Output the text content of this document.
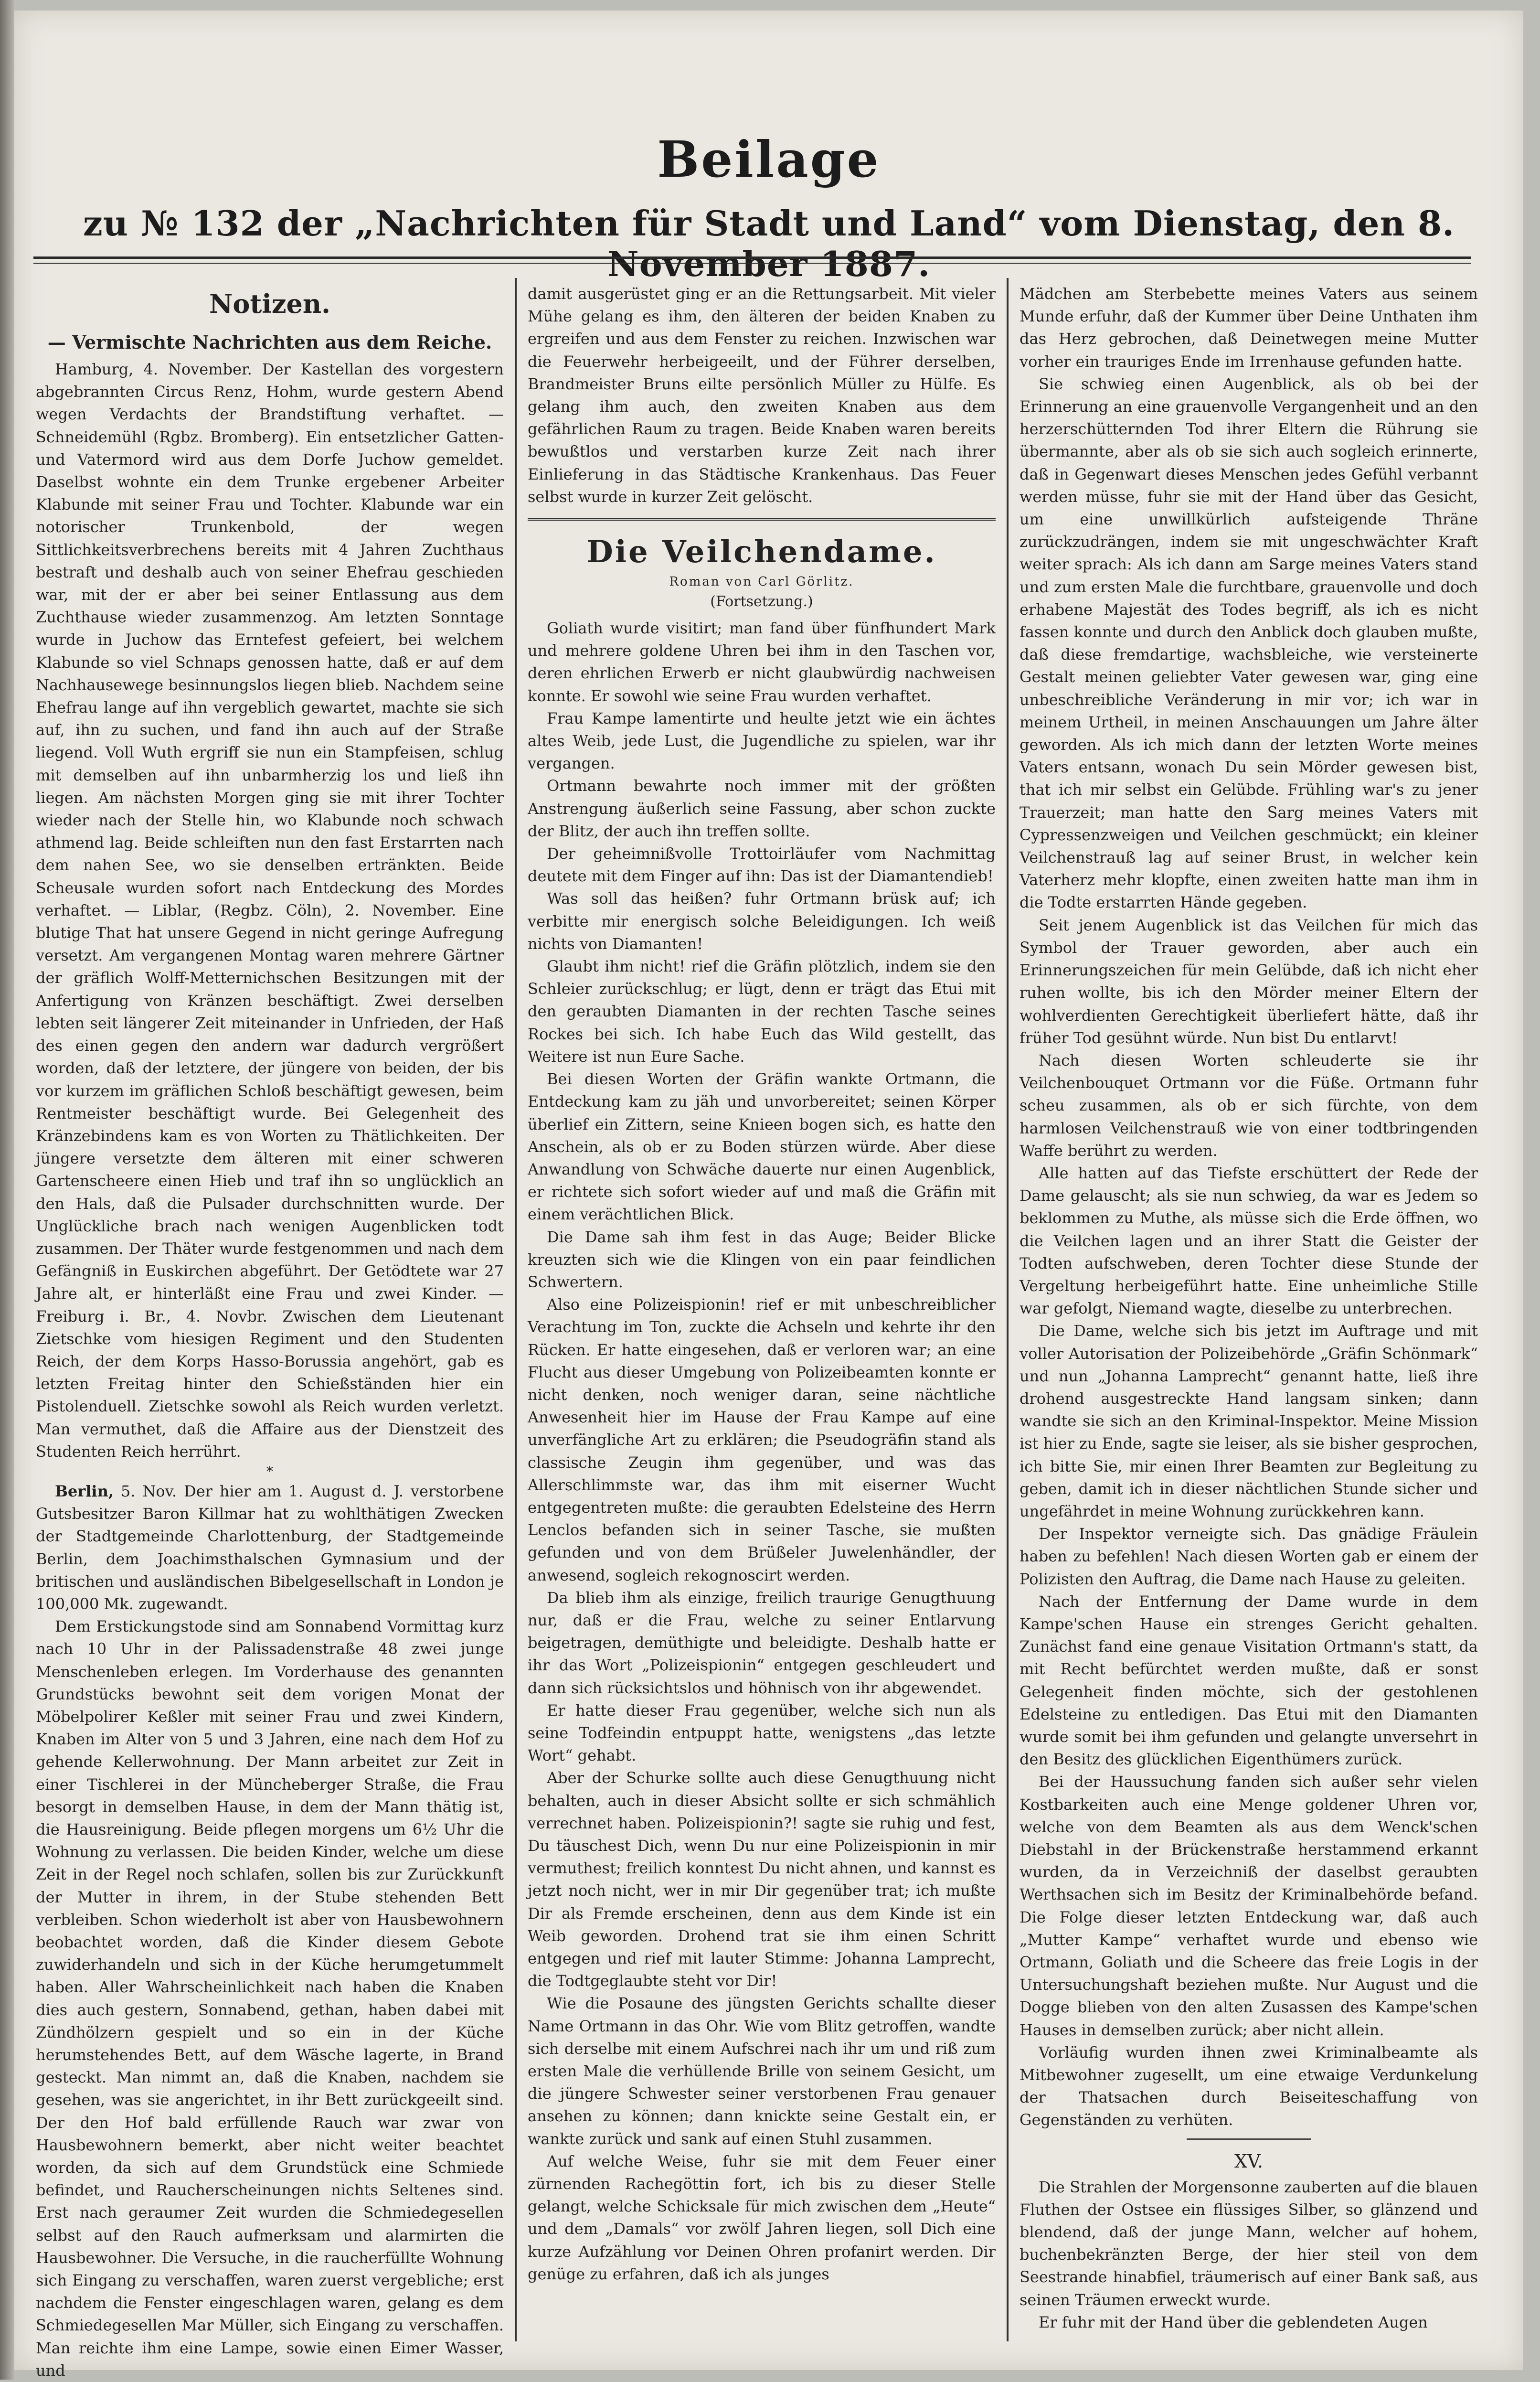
Beilage
zu № 132 der „Nachrichten für Stadt und Land“ vom Dienstag, den 8. November 1887.
Notizen.
— Vermischte Nachrichten aus dem Reiche.

Hamburg, 4. November. Der Kastellan des vorgestern abgebrannten Circus Renz, Hohm, wurde gestern Abend wegen Verdachts der Brandstiftung verhaftet. — Schneidemühl (Rgbz. Bromberg). Ein entsetzlicher Gatten- und Vatermord wird aus dem Dorfe Juchow gemeldet. Daselbst wohnte ein dem Trunke ergebener Arbeiter Klabunde mit seiner Frau und Tochter. Klabunde war ein notorischer Trunkenbold, der wegen Sittlichkeitsverbrechens bereits mit 4 Jahren Zuchthaus bestraft und deshalb auch von seiner Ehefrau geschieden war, mit der er aber bei seiner Entlassung aus dem Zuchthause wieder zusammenzog. Am letzten Sonntage wurde in Juchow das Erntefest gefeiert, bei welchem Klabunde so viel Schnaps genossen hatte, daß er auf dem Nachhausewege besinnungslos liegen blieb. Nachdem seine Ehefrau lange auf ihn vergeblich gewartet, machte sie sich auf, ihn zu suchen, und fand ihn auch auf der Straße liegend. Voll Wuth ergriff sie nun ein Stampfeisen, schlug mit demselben auf ihn unbarmherzig los und ließ ihn liegen. Am nächsten Morgen ging sie mit ihrer Tochter wieder nach der Stelle hin, wo Klabunde noch schwach athmend lag. Beide schleiften nun den fast Erstarrten nach dem nahen See, wo sie denselben ertränkten. Beide Scheusale wurden sofort nach Entdeckung des Mordes verhaftet. — Liblar, (Regbz. Cöln), 2. November. Eine blutige That hat unsere Gegend in nicht geringe Aufregung versetzt. Am vergangenen Montag waren mehrere Gärtner der gräflich Wolff-Metternichschen Besitzungen mit der Anfertigung von Kränzen beschäftigt. Zwei derselben lebten seit längerer Zeit miteinander in Unfrieden, der Haß des einen gegen den andern war dadurch vergrößert worden, daß der letztere, der jüngere von beiden, der bis vor kurzem im gräflichen Schloß beschäftigt gewesen, beim Rentmeister beschäftigt wurde. Bei Gelegenheit des Kränzebindens kam es von Worten zu Thätlichkeiten. Der jüngere versetzte dem älteren mit einer schweren Gartenscheere einen Hieb und traf ihn so unglücklich an den Hals, daß die Pulsader durchschnitten wurde. Der Unglückliche brach nach wenigen Augenblicken todt zusammen. Der Thäter wurde festgenommen und nach dem Gefängniß in Euskirchen abgeführt. Der Getödtete war 27 Jahre alt, er hinterläßt eine Frau und zwei Kinder. — Freiburg i. Br., 4. Novbr. Zwischen dem Lieutenant Zietschke vom hiesigen Regiment und den Studenten Reich, der dem Korps Hasso-Borussia angehört, gab es letzten Freitag hinter den Schießständen hier ein Pistolenduell. Zietschke sowohl als Reich wurden verletzt. Man vermuthet, daß die Affaire aus der Dienstzeit des Studenten Reich herrührt.

*

Berlin, 5. Nov. Der hier am 1. August d. J. verstorbene Gutsbesitzer Baron Killmar hat zu wohlthätigen Zwecken der Stadtgemeinde Charlottenburg, der Stadtgemeinde Berlin, dem Joachimsthalschen Gymnasium und der britischen und ausländischen Bibelgesellschaft in London je 100,000 Mk. zugewandt.

Dem Erstickungstode sind am Sonnabend Vormittag kurz nach 10 Uhr in der Palissadenstraße 48 zwei junge Menschenleben erlegen. Im Vorderhause des genannten Grundstücks bewohnt seit dem vorigen Monat der Möbelpolirer Keßler mit seiner Frau und zwei Kindern, Knaben im Alter von 5 und 3 Jahren, eine nach dem Hof zu gehende Kellerwohnung. Der Mann arbeitet zur Zeit in einer Tischlerei in der Müncheberger Straße, die Frau besorgt in demselben Hause, in dem der Mann thätig ist, die Hausreinigung. Beide pflegen morgens um 6½ Uhr die Wohnung zu verlassen. Die beiden Kinder, welche um diese Zeit in der Regel noch schlafen, sollen bis zur Zurückkunft der Mutter in ihrem, in der Stube stehenden Bett verbleiben. Schon wiederholt ist aber von Hausbewohnern beobachtet worden, daß die Kinder diesem Gebote zuwiderhandeln und sich in der Küche herumgetummelt haben. Aller Wahrscheinlichkeit nach haben die Knaben dies auch gestern, Sonnabend, gethan, haben dabei mit Zündhölzern gespielt und so ein in der Küche herumstehendes Bett, auf dem Wäsche lagerte, in Brand gesteckt. Man nimmt an, daß die Knaben, nachdem sie gesehen, was sie angerichtet, in ihr Bett zurückgeeilt sind. Der den Hof bald erfüllende Rauch war zwar von Hausbewohnern bemerkt, aber nicht weiter beachtet worden, da sich auf dem Grundstück eine Schmiede befindet, und Raucherscheinungen nichts Seltenes sind. Erst nach geraumer Zeit wurden die Schmiedegesellen selbst auf den Rauch aufmerksam und alarmirten die Hausbewohner. Die Versuche, in die raucherfüllte Wohnung sich Eingang zu verschaffen, waren zuerst vergebliche; erst nachdem die Fenster eingeschlagen waren, gelang es dem Schmiedegesellen Mar Müller, sich Eingang zu verschaffen. Man reichte ihm eine Lampe, sowie einen Eimer Wasser, und

damit ausgerüstet ging er an die Rettungsarbeit. Mit vieler Mühe gelang es ihm, den älteren der beiden Knaben zu ergreifen und aus dem Fenster zu reichen. Inzwischen war die Feuerwehr herbeigeeilt, und der Führer derselben, Brandmeister Bruns eilte persönlich Müller zu Hülfe. Es gelang ihm auch, den zweiten Knaben aus dem gefährlichen Raum zu tragen. Beide Knaben waren bereits bewußtlos und verstarben kurze Zeit nach ihrer Einlieferung in das Städtische Krankenhaus. Das Feuer selbst wurde in kurzer Zeit gelöscht.

Die Veilchendame.
Roman von Carl Görlitz.
(Fortsetzung.)

Goliath wurde visitirt; man fand über fünfhundert Mark und mehrere goldene Uhren bei ihm in den Taschen vor, deren ehrlichen Erwerb er nicht glaubwürdig nachweisen konnte. Er sowohl wie seine Frau wurden verhaftet.

Frau Kampe lamentirte und heulte jetzt wie ein ächtes altes Weib, jede Lust, die Jugendliche zu spielen, war ihr vergangen.

Ortmann bewahrte noch immer mit der größten Anstrengung äußerlich seine Fassung, aber schon zuckte der Blitz, der auch ihn treffen sollte.

Der geheimnißvolle Trottoirläufer vom Nachmittag deutete mit dem Finger auf ihn: Das ist der Diamantendieb!

Was soll das heißen? fuhr Ortmann brüsk auf; ich verbitte mir energisch solche Beleidigungen. Ich weiß nichts von Diamanten!

Glaubt ihm nicht! rief die Gräfin plötzlich, indem sie den Schleier zurückschlug; er lügt, denn er trägt das Etui mit den geraubten Diamanten in der rechten Tasche seines Rockes bei sich. Ich habe Euch das Wild gestellt, das Weitere ist nun Eure Sache.

Bei diesen Worten der Gräfin wankte Ortmann, die Entdeckung kam zu jäh und unvorbereitet; seinen Körper überlief ein Zittern, seine Knieen bogen sich, es hatte den Anschein, als ob er zu Boden stürzen würde. Aber diese Anwandlung von Schwäche dauerte nur einen Augenblick, er richtete sich sofort wieder auf und maß die Gräfin mit einem verächtlichen Blick.

Die Dame sah ihm fest in das Auge; Beider Blicke kreuzten sich wie die Klingen von ein paar feindlichen Schwertern.

Also eine Polizeispionin! rief er mit unbeschreiblicher Verachtung im Ton, zuckte die Achseln und kehrte ihr den Rücken. Er hatte eingesehen, daß er verloren war; an eine Flucht aus dieser Umgebung von Polizeibeamten konnte er nicht denken, noch weniger daran, seine nächtliche Anwesenheit hier im Hause der Frau Kampe auf eine unverfängliche Art zu erklären; die Pseudogräfin stand als classische Zeugin ihm gegenüber, und was das Allerschlimmste war, das ihm mit eiserner Wucht entgegentreten mußte: die geraubten Edelsteine des Herrn Lenclos befanden sich in seiner Tasche, sie mußten gefunden und von dem Brüßeler Juwelenhändler, der anwesend, sogleich rekognoscirt werden.

Da blieb ihm als einzige, freilich traurige Genugthuung nur, daß er die Frau, welche zu seiner Entlarvung beigetragen, demüthigte und beleidigte. Deshalb hatte er ihr das Wort „Polizeispionin“ entgegen geschleudert und dann sich rücksichtslos und höhnisch von ihr abgewendet.

Er hatte dieser Frau gegenüber, welche sich nun als seine Todfeindin entpuppt hatte, wenigstens „das letzte Wort“ gehabt.

Aber der Schurke sollte auch diese Genugthuung nicht behalten, auch in dieser Absicht sollte er sich schmählich verrechnet haben. Polizeispionin?! sagte sie ruhig und fest, Du täuschest Dich, wenn Du nur eine Polizeispionin in mir vermuthest; freilich konntest Du nicht ahnen, und kannst es jetzt noch nicht, wer in mir Dir gegenüber trat; ich mußte Dir als Fremde erscheinen, denn aus dem Kinde ist ein Weib geworden. Drohend trat sie ihm einen Schritt entgegen und rief mit lauter Stimme: Johanna Lamprecht, die Todtgeglaubte steht vor Dir!

Wie die Posaune des jüngsten Gerichts schallte dieser Name Ortmann in das Ohr. Wie vom Blitz getroffen, wandte sich derselbe mit einem Aufschrei nach ihr um und riß zum ersten Male die verhüllende Brille von seinem Gesicht, um die jüngere Schwester seiner verstorbenen Frau genauer ansehen zu können; dann knickte seine Gestalt ein, er wankte zurück und sank auf einen Stuhl zusammen.

Auf welche Weise, fuhr sie mit dem Feuer einer zürnenden Rachegöttin fort, ich bis zu dieser Stelle gelangt, welche Schicksale für mich zwischen dem „Heute“ und dem „Damals“ vor zwölf Jahren liegen, soll Dich eine kurze Aufzählung vor Deinen Ohren profanirt werden. Dir genüge zu erfahren, daß ich als junges

Mädchen am Sterbebette meines Vaters aus seinem Munde erfuhr, daß der Kummer über Deine Unthaten ihm das Herz gebrochen, daß Deinetwegen meine Mutter vorher ein trauriges Ende im Irrenhause gefunden hatte.

Sie schwieg einen Augenblick, als ob bei der Erinnerung an eine grauenvolle Vergangenheit und an den herzerschütternden Tod ihrer Eltern die Rührung sie übermannte, aber als ob sie sich auch sogleich erinnerte, daß in Gegenwart dieses Menschen jedes Gefühl verbannt werden müsse, fuhr sie mit der Hand über das Gesicht, um eine unwillkürlich aufsteigende Thräne zurückzudrängen, indem sie mit ungeschwächter Kraft weiter sprach: Als ich dann am Sarge meines Vaters stand und zum ersten Male die furchtbare, grauenvolle und doch erhabene Majestät des Todes begriff, als ich es nicht fassen konnte und durch den Anblick doch glauben mußte, daß diese fremdartige, wachsbleiche, wie versteinerte Gestalt meinen geliebter Vater gewesen war, ging eine unbeschreibliche Veränderung in mir vor; ich war in meinem Urtheil, in meinen Anschauungen um Jahre älter geworden. Als ich mich dann der letzten Worte meines Vaters entsann, wonach Du sein Mörder gewesen bist, that ich mir selbst ein Gelübde. Frühling war's zu jener Trauerzeit; man hatte den Sarg meines Vaters mit Cypressenzweigen und Veilchen geschmückt; ein kleiner Veilchenstrauß lag auf seiner Brust, in welcher kein Vaterherz mehr klopfte, einen zweiten hatte man ihm in die Todte erstarrten Hände gegeben.

Seit jenem Augenblick ist das Veilchen für mich das Symbol der Trauer geworden, aber auch ein Erinnerungszeichen für mein Gelübde, daß ich nicht eher ruhen wollte, bis ich den Mörder meiner Eltern der wohlverdienten Gerechtigkeit überliefert hätte, daß ihr früher Tod gesühnt würde. Nun bist Du entlarvt!

Nach diesen Worten schleuderte sie ihr Veilchenbouquet Ortmann vor die Füße. Ortmann fuhr scheu zusammen, als ob er sich fürchte, von dem harmlosen Veilchenstrauß wie von einer todtbringenden Waffe berührt zu werden.

Alle hatten auf das Tiefste erschüttert der Rede der Dame gelauscht; als sie nun schwieg, da war es Jedem so beklommen zu Muthe, als müsse sich die Erde öffnen, wo die Veilchen lagen und an ihrer Statt die Geister der Todten aufschweben, deren Tochter diese Stunde der Vergeltung herbeigeführt hatte. Eine unheimliche Stille war gefolgt, Niemand wagte, dieselbe zu unterbrechen.

Die Dame, welche sich bis jetzt im Auftrage und mit voller Autorisation der Polizeibehörde „Gräfin Schönmark“ und nun „Johanna Lamprecht“ genannt hatte, ließ ihre drohend ausgestreckte Hand langsam sinken; dann wandte sie sich an den Kriminal-Inspektor. Meine Mission ist hier zu Ende, sagte sie leiser, als sie bisher gesprochen, ich bitte Sie, mir einen Ihrer Beamten zur Begleitung zu geben, damit ich in dieser nächtlichen Stunde sicher und ungefährdet in meine Wohnung zurückkehren kann.

Der Inspektor verneigte sich. Das gnädige Fräulein haben zu befehlen! Nach diesen Worten gab er einem der Polizisten den Auftrag, die Dame nach Hause zu geleiten.

Nach der Entfernung der Dame wurde in dem Kampe'schen Hause ein strenges Gericht gehalten. Zunächst fand eine genaue Visitation Ortmann's statt, da mit Recht befürchtet werden mußte, daß er sonst Gelegenheit finden möchte, sich der gestohlenen Edelsteine zu entledigen. Das Etui mit den Diamanten wurde somit bei ihm gefunden und gelangte unversehrt in den Besitz des glücklichen Eigenthümers zurück.

Bei der Haussuchung fanden sich außer sehr vielen Kostbarkeiten auch eine Menge goldener Uhren vor, welche von dem Beamten als aus dem Wenck'schen Diebstahl in der Brückenstraße herstammend erkannt wurden, da in Verzeichniß der daselbst geraubten Werthsachen sich im Besitz der Kriminalbehörde befand. Die Folge dieser letzten Entdeckung war, daß auch „Mutter Kampe“ verhaftet wurde und ebenso wie Ortmann, Goliath und die Scheere das freie Logis in der Untersuchungshaft beziehen mußte. Nur August und die Dogge blieben von den alten Zusassen des Kampe'schen Hauses in demselben zurück; aber nicht allein.

Vorläufig wurden ihnen zwei Kriminalbeamte als Mitbewohner zugesellt, um eine etwaige Verdunkelung der Thatsachen durch Beiseiteschaffung von Gegenständen zu verhüten.

XV.

Die Strahlen der Morgensonne zauberten auf die blauen Fluthen der Ostsee ein flüssiges Silber, so glänzend und blendend, daß der junge Mann, welcher auf hohem, buchenbekränzten Berge, der hier steil von dem Seestrande hinabfiel, träumerisch auf einer Bank saß, aus seinen Träumen erweckt wurde.

Er fuhr mit der Hand über die geblendeten Augen
